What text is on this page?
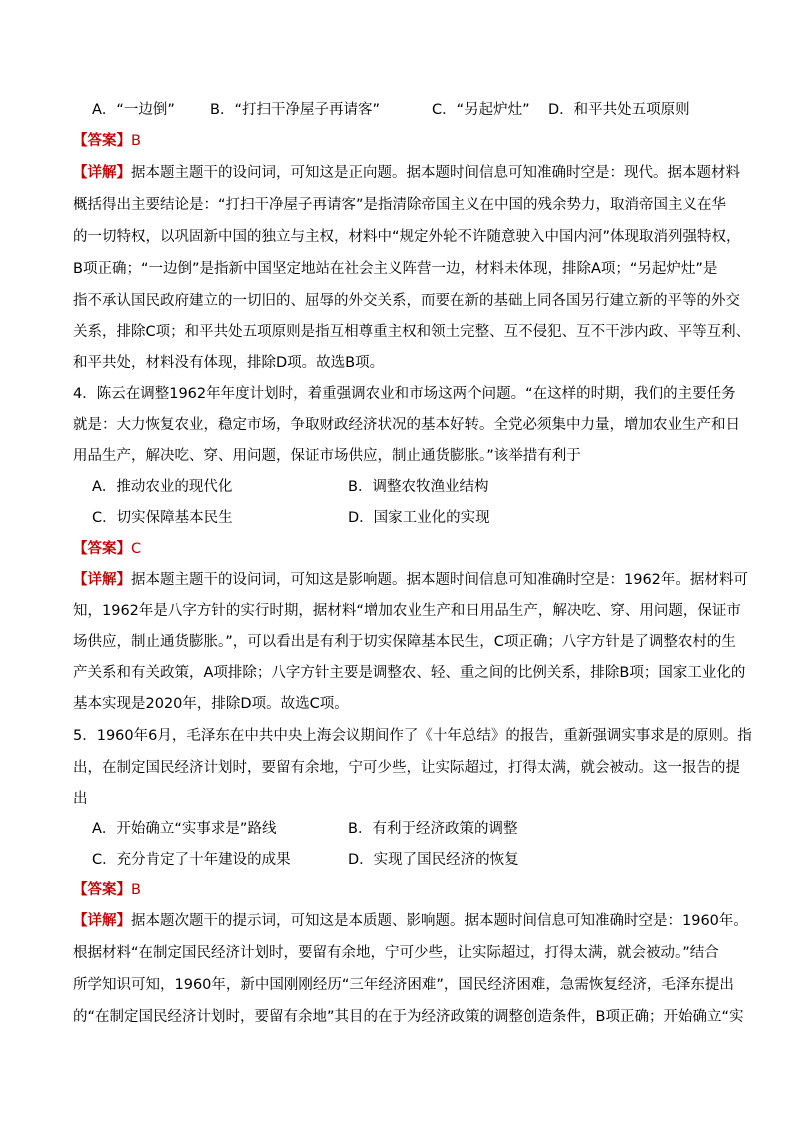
A．“一边倒” B．“打扫干净屋子再请客”	C．“另起炉灶” D．和平共处五项原则
【答案】B
【详解】据本题主题干的设问词，可知这是正向题。据本题时间信息可知准确时空是：现代。据本题材料
概括得出主要结论是：“打扫干净屋子再请客”是指清除帝国主义在中国的残余势力，取消帝国主义在华
的一切特权，以巩固新中国的独立与主权，材料中“规定外轮不许随意驶入中国内河”体现取消列强特权，
B项正确；“一边倒”是指新中国坚定地站在社会主义阵营一边，材料未体现，排除A项；“另起炉灶”是
指不承认国民政府建立的一切旧的、屈辱的外交关系，而要在新的基础上同各国另行建立新的平等的外交
关系，排除C项；和平共处五项原则是指互相尊重主权和领土完整、互不侵犯、互不干涉内政、平等互利、
和平共处，材料没有体现，排除D项。故选B项。
4．陈云在调整1962年年度计划时，着重强调农业和市场这两个问题。“在这样的时期，我们的主要任务
就是：大力恢复农业，稳定市场，争取财政经济状况的基本好转。全党必须集中力量，增加农业生产和日
用品生产，解决吃、穿、用问题，保证市场供应，制止通货膨胀。”该举措有利于
A．推动农业的现代化	B．调整农牧渔业结构
C．切实保障基本民生	D．国家工业化的实现
【答案】C
【详解】据本题主题干的设问词，可知这是影响题。据本题时间信息可知准确时空是：1962年。据材料可
知，1962年是八字方针的实行时期，据材料“增加农业生产和日用品生产，解决吃、穿、用问题，保证市
场供应，制止通货膨胀。”，可以看出是有利于切实保障基本民生，C项正确；八字方针是了调整农村的生
产关系和有关政策，A项排除；八字方针主要是调整农、轻、重之间的比例关系，排除B项；国家工业化的
基本实现是2020年，排除D项。故选C项。
5．1960年6月，毛泽东在中共中央上海会议期间作了《十年总结》的报告，重新强调实事求是的原则。指
出，在制定国民经济计划时，要留有余地，宁可少些，让实际超过，打得太满，就会被动。这一报告的提
出
A．开始确立“实事求是”路线	B．有利于经济政策的调整
C．充分肯定了十年建设的成果	D．实现了国民经济的恢复
【答案】B
【详解】据本题次题干的提示词，可知这是本质题、影响题。据本题时间信息可知准确时空是：1960年。
根据材料“在制定国民经济计划时，要留有余地，宁可少些，让实际超过，打得太满，就会被动。”结合
所学知识可知，1960年，新中国刚刚经历“三年经济困难”，国民经济困难，急需恢复经济，毛泽东提出
的“在制定国民经济计划时，要留有余地”其目的在于为经济政策的调整创造条件，B项正确；开始确立“实
